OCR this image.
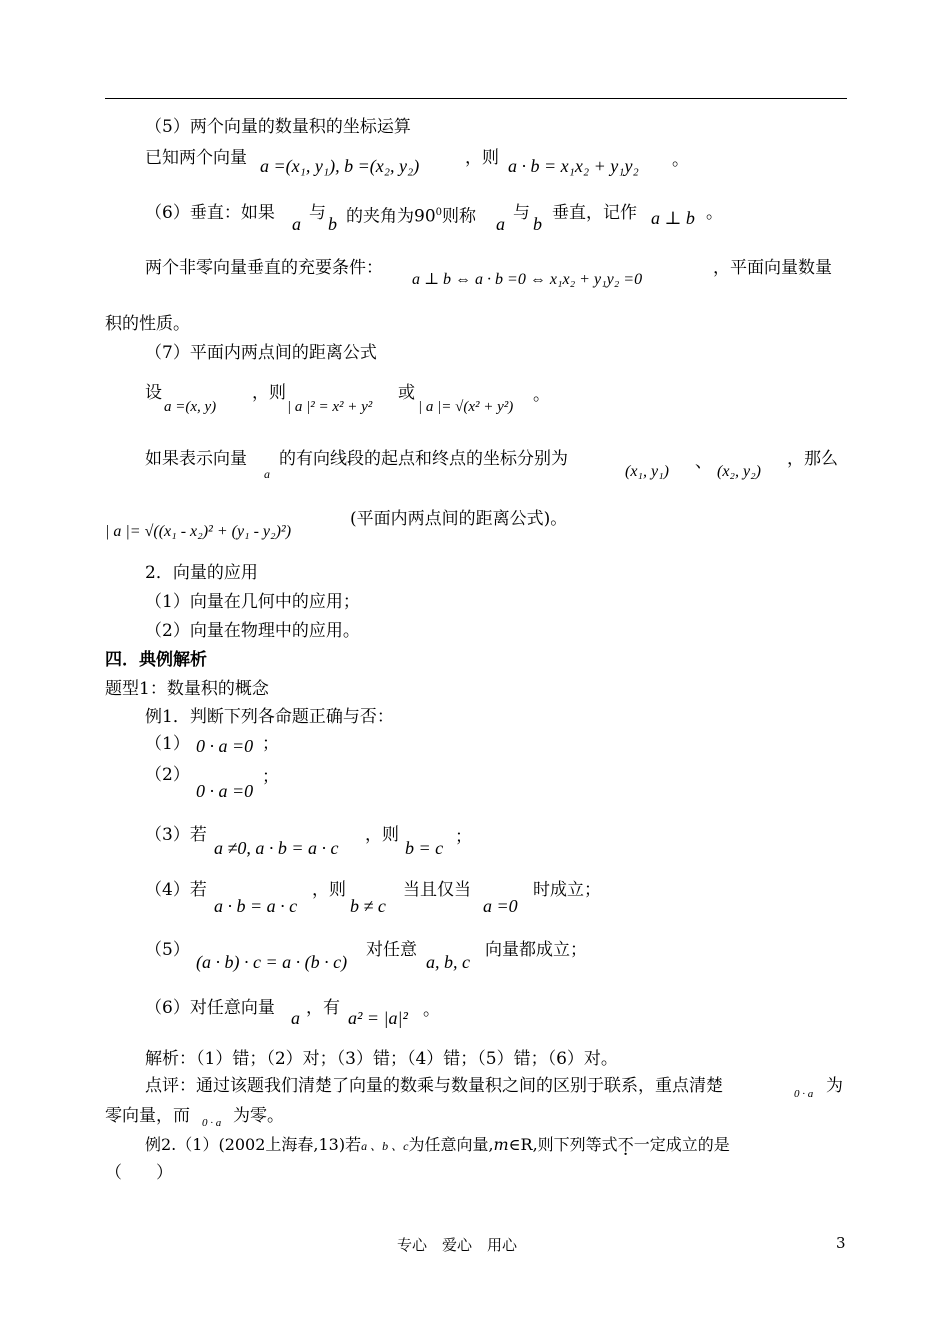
（5）两个向量的数量积的坐标运算
已知两个向量 a =(x₁, y₁), b =(x₂, y₂)	，则 a · b = x₁x₂ + y₁y₂ 。
（6）垂直：如果
a
与
b 的夹角为$90^0$则称 a
与
b
垂直，记作 a ⊥ b 。
两个非零向量垂直的充要条件：
a ⊥ b ⇔ a · b =0 ⇔ x₁x₂ + y₁y₂ =0
，平面向量数量
积的性质。
（7）平面内两点间的距离公式
设
a =(x, y)
，则
| a |² = x² + y²
或
| a |= √(x² + y²)
。
如果表示向量
a
的有向线段的起点和终点的坐标分别为
(x₁, y₁) 、 (x₂, y₂)
，那么
| a |= √((x₁ - x₂)² + (y₁ - y₂)²)
(平面内两点间的距离公式)。
2．向量的应用
（1）向量在几何中的应用；
（2）向量在物理中的应用。
四．典例解析
题型1：数量积的概念
例1．判断下列各命题正确与否：
（1） 0 · a =0 ；
（2）
0 · a =0
；
（3）若
a ≠0, a · b = a · c
，则
b = c
；
（4）若
a · b = a · c
，则
b ≠ c
当且仅当
a =0
时成立；
（5）
(a · b) · c = a · (b · c)
对任意
a, b, c
向量都成立；
（6）对任意向量 a ，有 a² = |a|² 。
解析：（1）错；（2）对；（3）错；（4）错；（5）错；（6）对。
点评：通过该题我们清楚了向量的数乘与数量积之间的区别于联系，重点清楚	0 · a 为
零向量，而 0 · a 为零。
例2.（1）(2002上海春,13)若a 、b 、c为任意向量,m∈R,则下列等式不一定成立的是
（　　）
专心　爱心　用心	3
